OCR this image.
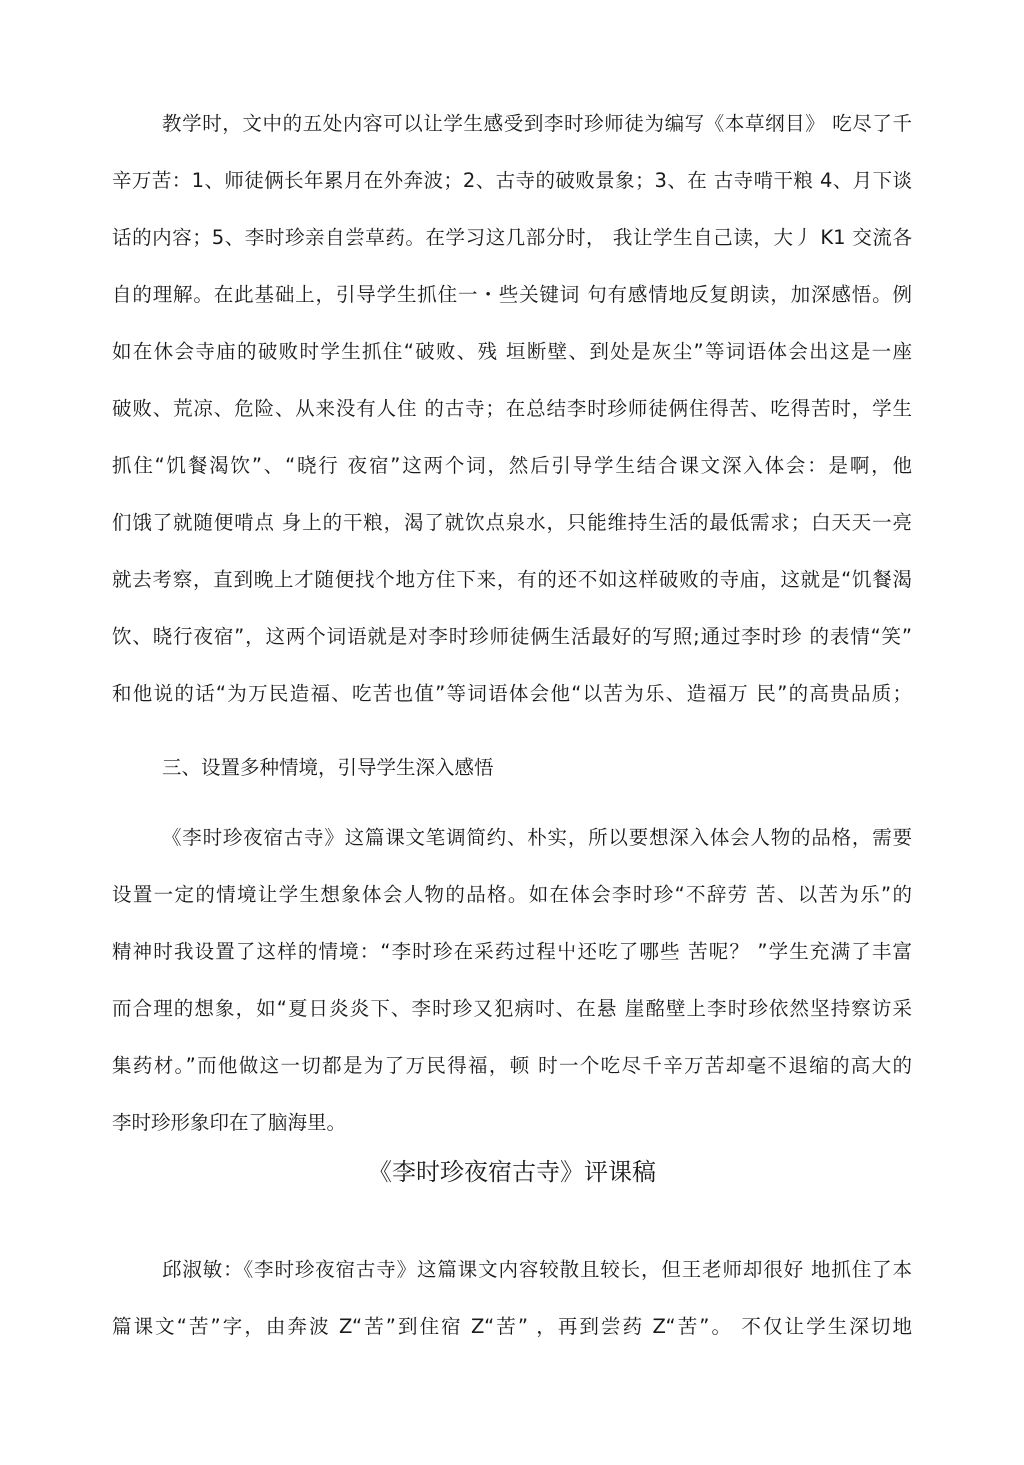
教学时，文中的五处内容可以让学生感受到李时珍师徒为编写《本草纲目》 吃尽了千

辛万苦：1、师徒俩长年累月在外奔波；2、古寺的破败景象；3、在 古寺啃干粮 4、月下谈

话的内容；5、李时珍亲自尝草药。在学习这几部分时， 我让学生自己读，大丿 K1 交流各

自的理解。在此基础上，引导学生抓住一・些关键词 句有感情地反复朗读，加深感悟。例

如在休会寺庙的破败时学生抓住“破败、残 垣断壁、到处是灰尘”等词语体会出这是一座

破败、荒凉、危险、从来没有人住 的古寺；在总结李时珍师徒俩住得苦、吃得苦时，学生

抓住“饥餐渴饮”、“晓行 夜宿”这两个词，然后引导学生结合课文深入体会：是啊，他

们饿了就随便啃点 身上的干粮，渴了就饮点泉水，只能维持生活的最低需求；白天天一亮

就去考察，直到晚上才随便找个地方住下来，有的还不如这样破败的寺庙，这就是“饥餐渴

饮、晓行夜宿”，这两个词语就是对李时珍师徒俩生活最好的写照;通过李时珍 的表情“笑”

和他说的话“为万民造福、吃苦也值”等词语体会他“以苦为乐、造福万 民”的高贵品质；

三、设置多种情境，引导学生深入感悟

《李时珍夜宿古寺》这篇课文笔调简约、朴实，所以要想深入体会人物的品格，需要

设置一定的情境让学生想象体会人物的品格。如在体会李时珍“不辞劳 苦、以苦为乐”的

精神时我设置了这样的情境：“李时珍在采药过程屮还吃了哪些 苦呢？ ”学生充满了丰富

而合理的想象，如“夏日炎炎下、李时珍又犯病吋、在悬 崖酩壁上李时珍依然坚持察访采

集药材。”而他做这一切都是为了万民得福，顿 时一个吃尽千辛万苦却毫不退缩的高大的

李时珍形象印在了脑海里。

《李时珍夜宿古寺》评课稿

邱淑敏：《李时珍夜宿古寺》这篇课文内容较散且较长，但王老师却很好 地抓住了本

篇课文“苦”字，由奔波 Z“苦”到住宿 Z“苦” ，再到尝药 Z“苦”。 不仅让学生深切地
